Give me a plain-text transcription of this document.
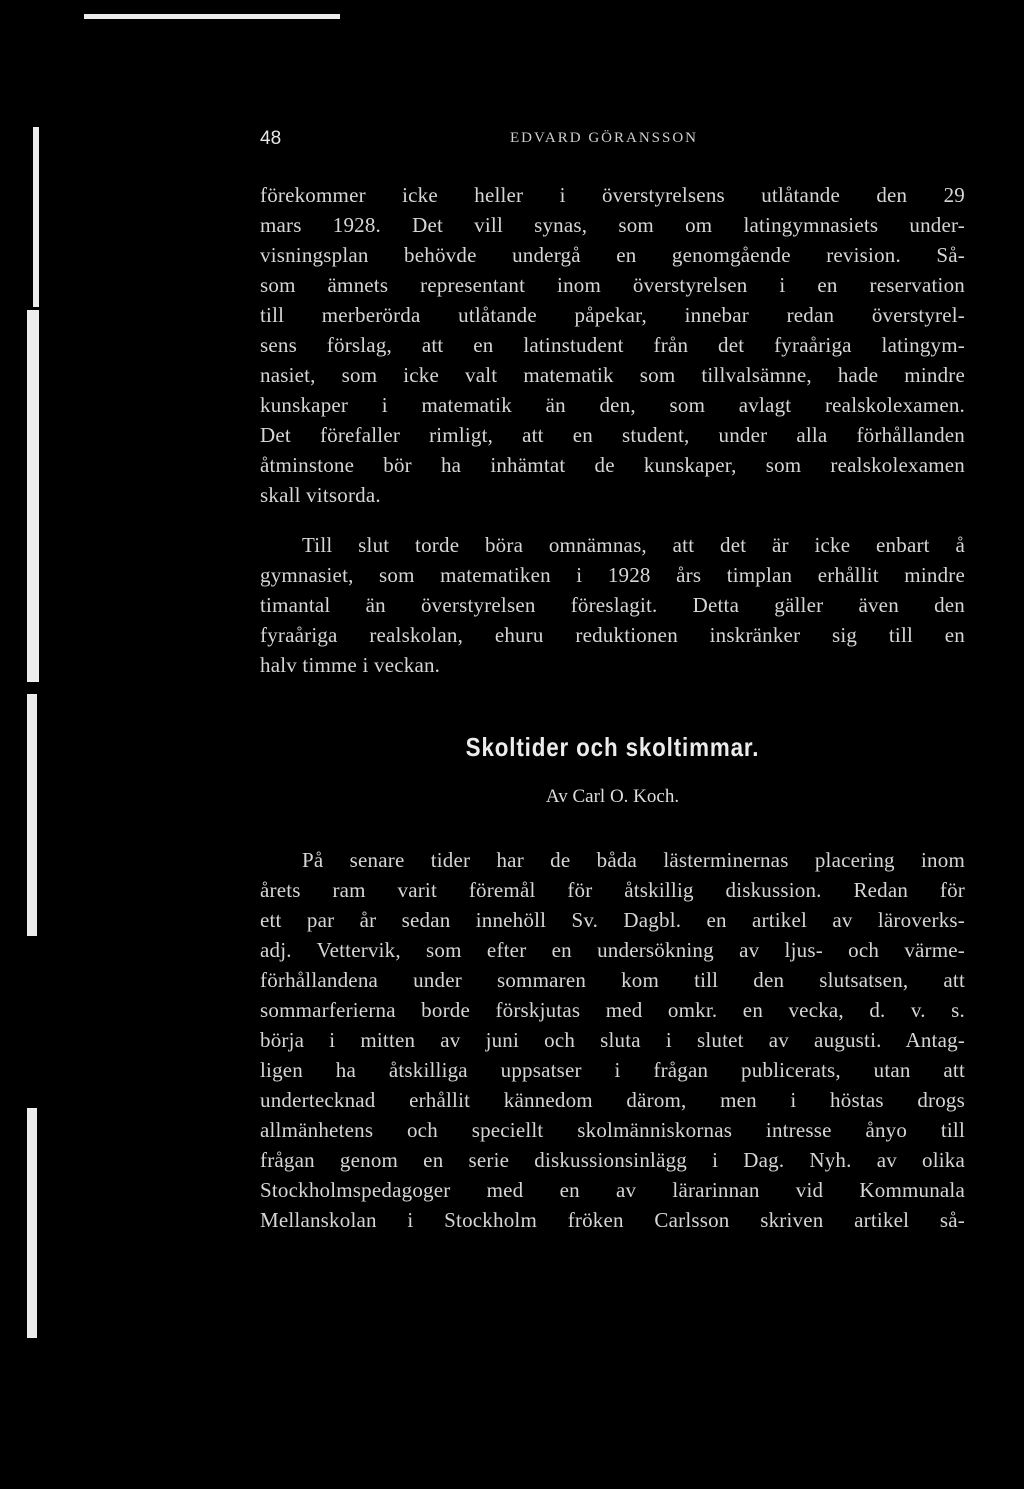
48	EDVARD GÖRANSSON
förekommer icke heller i överstyrelsens utlåtande den 29
mars 1928. Det vill synas, som om latingymnasiets under-
visningsplan behövde undergå en genomgående revision. Så-
som ämnets representant inom överstyrelsen i en reservation
till merberörda utlåtande påpekar, innebar redan överstyrel-
sens förslag, att en latinstudent från det fyraåriga latingym-
nasiet, som icke valt matematik som tillvalsämne, hade mindre
kunskaper i matematik än den, som avlagt realskolexamen.
Det förefaller rimligt, att en student, under alla förhållanden
åtminstone bör ha inhämtat de kunskaper, som realskolexamen
skall vitsorda.
Till slut torde böra omnämnas, att det är icke enbart å
gymnasiet, som matematiken i 1928 års timplan erhållit mindre
timantal än överstyrelsen föreslagit. Detta gäller även den
fyraåriga realskolan, ehuru reduktionen inskränker sig till en
halv timme i veckan.
Skoltider och skoltimmar.
Av Carl O. Koch.
På senare tider har de båda lästerminernas placering inom
årets ram varit föremål för åtskillig diskussion. Redan för
ett par år sedan innehöll Sv. Dagbl. en artikel av läroverks-
adj. Vettervik, som efter en undersökning av ljus- och värme-
förhållandena under sommaren kom till den slutsatsen, att
sommarferierna borde förskjutas med omkr. en vecka, d. v. s.
börja i mitten av juni och sluta i slutet av augusti. Antag-
ligen ha åtskilliga uppsatser i frågan publicerats, utan att
undertecknad erhållit kännedom därom, men i höstas drogs
allmänhetens och speciellt skolmänniskornas intresse ånyo till
frågan genom en serie diskussionsinlägg i Dag. Nyh. av olika
Stockholmspedagoger med en av lärarinnan vid Kommunala
Mellanskolan i Stockholm fröken Carlsson skriven artikel så-
